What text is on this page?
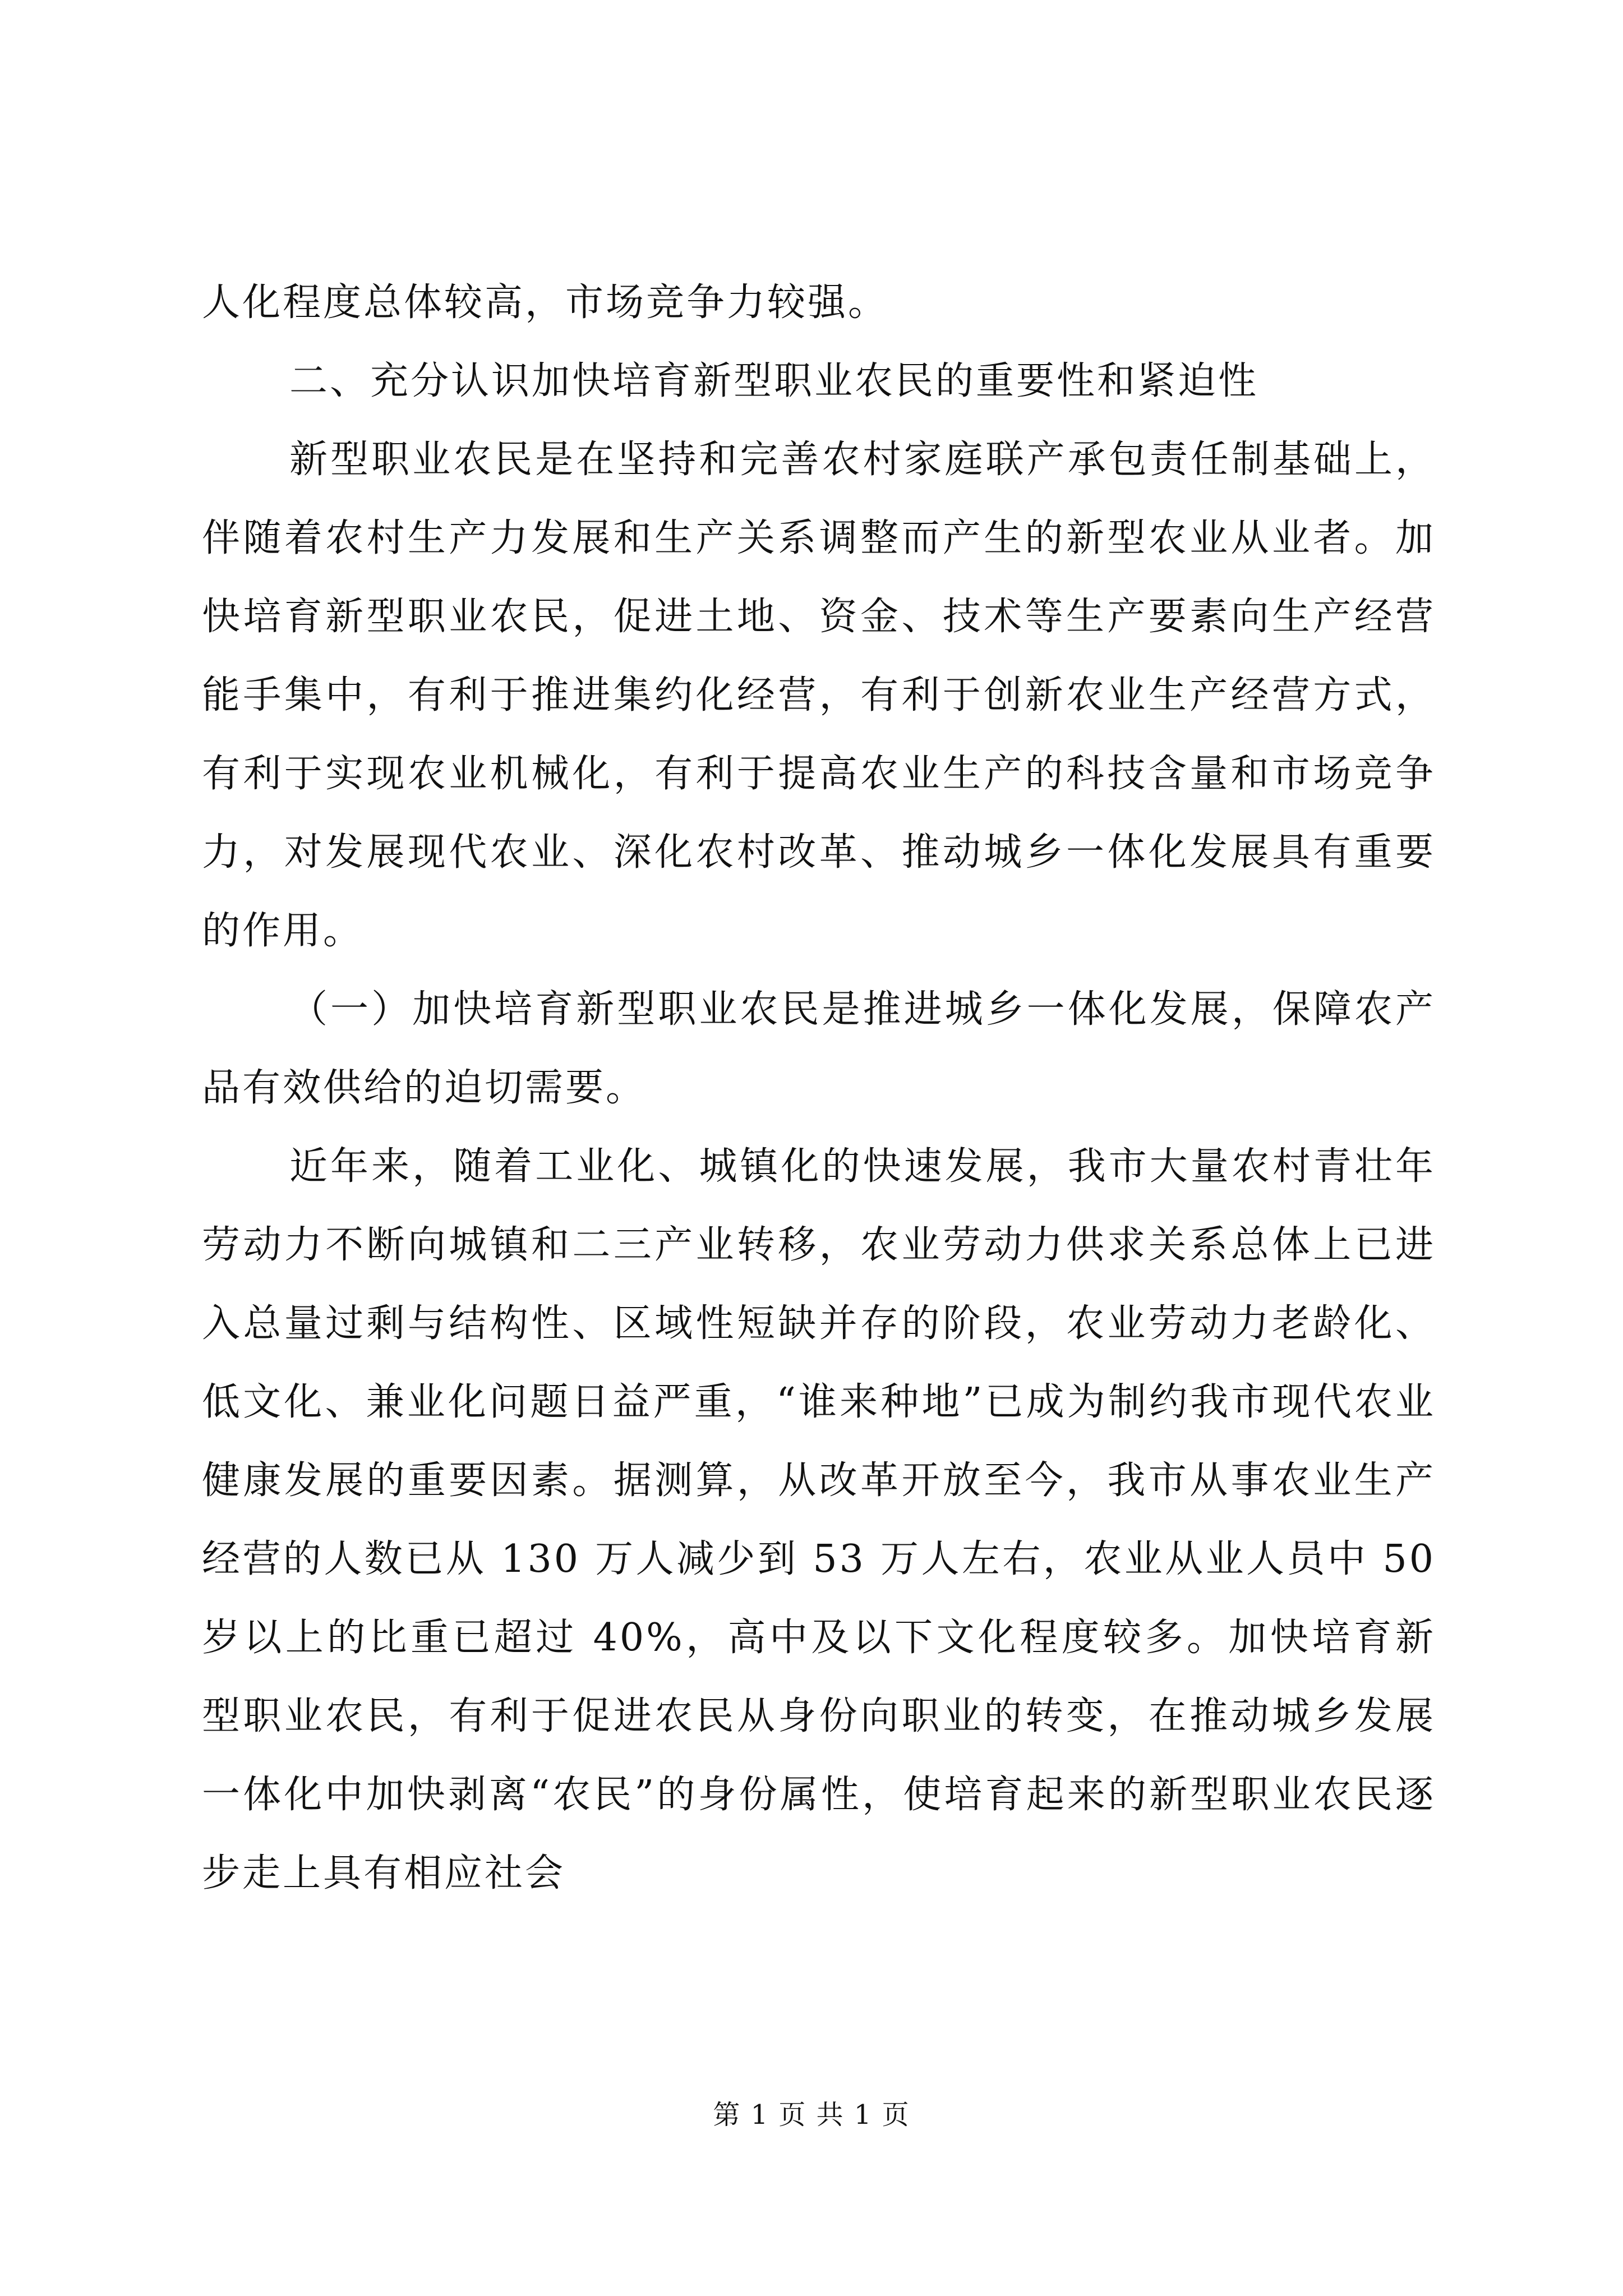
人化程度总体较高，市场竞争力较强。

二、充分认识加快培育新型职业农民的重要性和紧迫性

新型职业农民是在坚持和完善农村家庭联产承包责任制基础上，伴随着农村生产力发展和生产关系调整而产生的新型农业从业者。加快培育新型职业农民，促进土地、资金、技术等生产要素向生产经营能手集中，有利于推进集约化经营，有利于创新农业生产经营方式，有利于实现农业机械化，有利于提高农业生产的科技含量和市场竞争力，对发展现代农业、深化农村改革、推动城乡一体化发展具有重要的作用。

（一）加快培育新型职业农民是推进城乡一体化发展，保障农产品有效供给的迫切需要。

近年来，随着工业化、城镇化的快速发展，我市大量农村青壮年劳动力不断向城镇和二三产业转移，农业劳动力供求关系总体上已进入总量过剩与结构性、区域性短缺并存的阶段，农业劳动力老龄化、低文化、兼业化问题日益严重，“谁来种地”已成为制约我市现代农业健康发展的重要因素。据测算，从改革开放至今，我市从事农业生产经营的人数已从 130 万人减少到 53 万人左右，农业从业人员中 50 岁以上的比重已超过 40%，高中及以下文化程度较多。加快培育新型职业农民，有利于促进农民从身份向职业的转变，在推动城乡发展一体化中加快剥离“农民”的身份属性，使培育起来的新型职业农民逐步走上具有相应社会

第 1 页 共 1 页
